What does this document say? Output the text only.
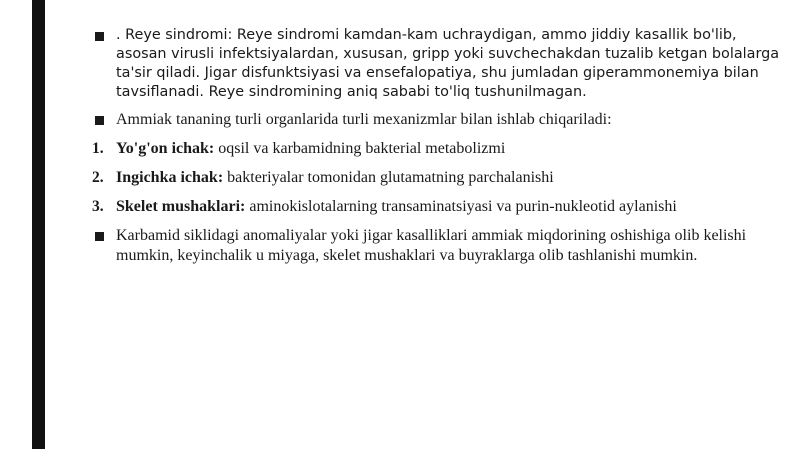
. Reye sindromi: Reye sindromi kamdan-kam uchraydigan, ammo jiddiy kasallik bo'lib, asosan virusli infektsiyalardan, xususan, gripp yoki suvchechakdan tuzalib ketgan bolalarga ta'sir qiladi. Jigar disfunktsiyasi va ensefalopatiya, shu jumladan giperammonemiya bilan tavsiflanadi. Reye sindromining aniq sababi to'liq tushunilmagan.
Ammiak tananing turli organlarida turli mexanizmlar bilan ishlab chiqariladi:
1. Yo'g'on ichak: oqsil va karbamidning bakterial metabolizmi
2. Ingichka ichak: bakteriyalar tomonidan glutamatning parchalanishi
3. Skelet mushaklari: aminokislotalarning transaminatsiyasi va purin-nukleotid aylanishi
Karbamid siklidagi anomaliyalar yoki jigar kasalliklari ammiak miqdorining oshishiga olib kelishi mumkin, keyinchalik u miyaga, skelet mushaklari va buyraklarga olib tashlanishi mumkin.
